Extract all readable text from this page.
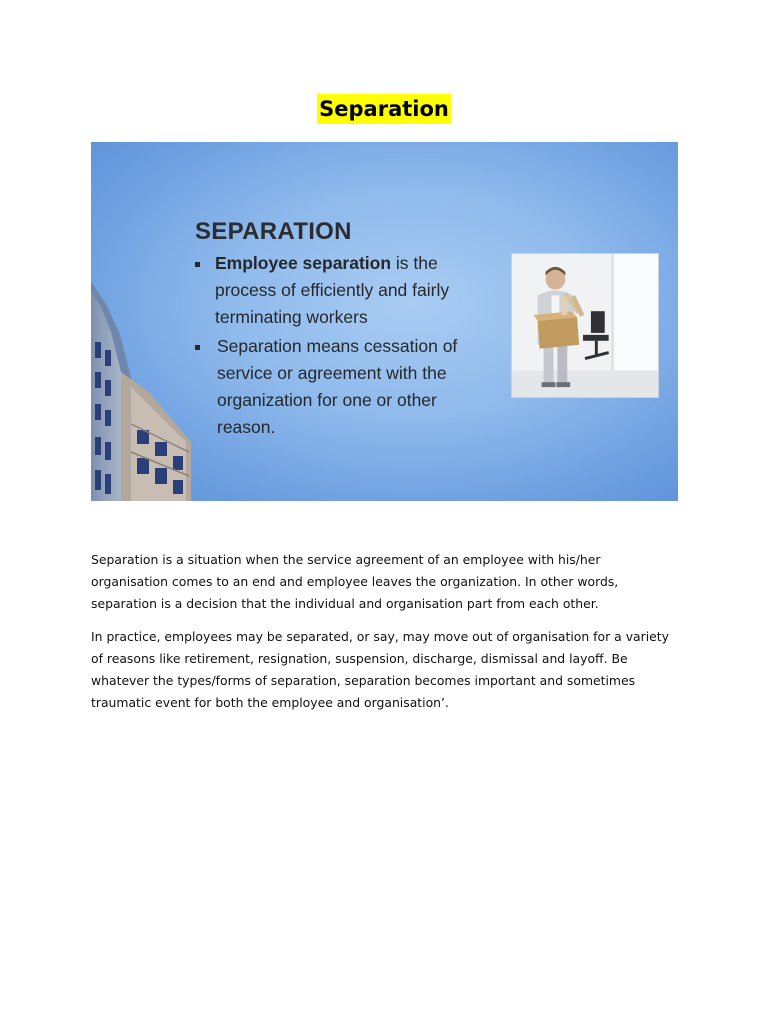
Separation
SEPARATION
Employee separation is the process of efficiently and fairly terminating workers
Separation means cessation of service or agreement with the organization for one or other reason.

Separation is a situation when the service agreement of an employee with his/her organisation comes to an end and employee leaves the organization. In other words, separation is a decision that the individual and organisation part from each other.

In practice, employees may be separated, or say, may move out of organisation for a variety of reasons like retirement, resignation, suspension, discharge, dismissal and layoff. Be whatever the types/forms of separation, separation becomes important and sometimes traumatic event for both the employee and organisation’.
